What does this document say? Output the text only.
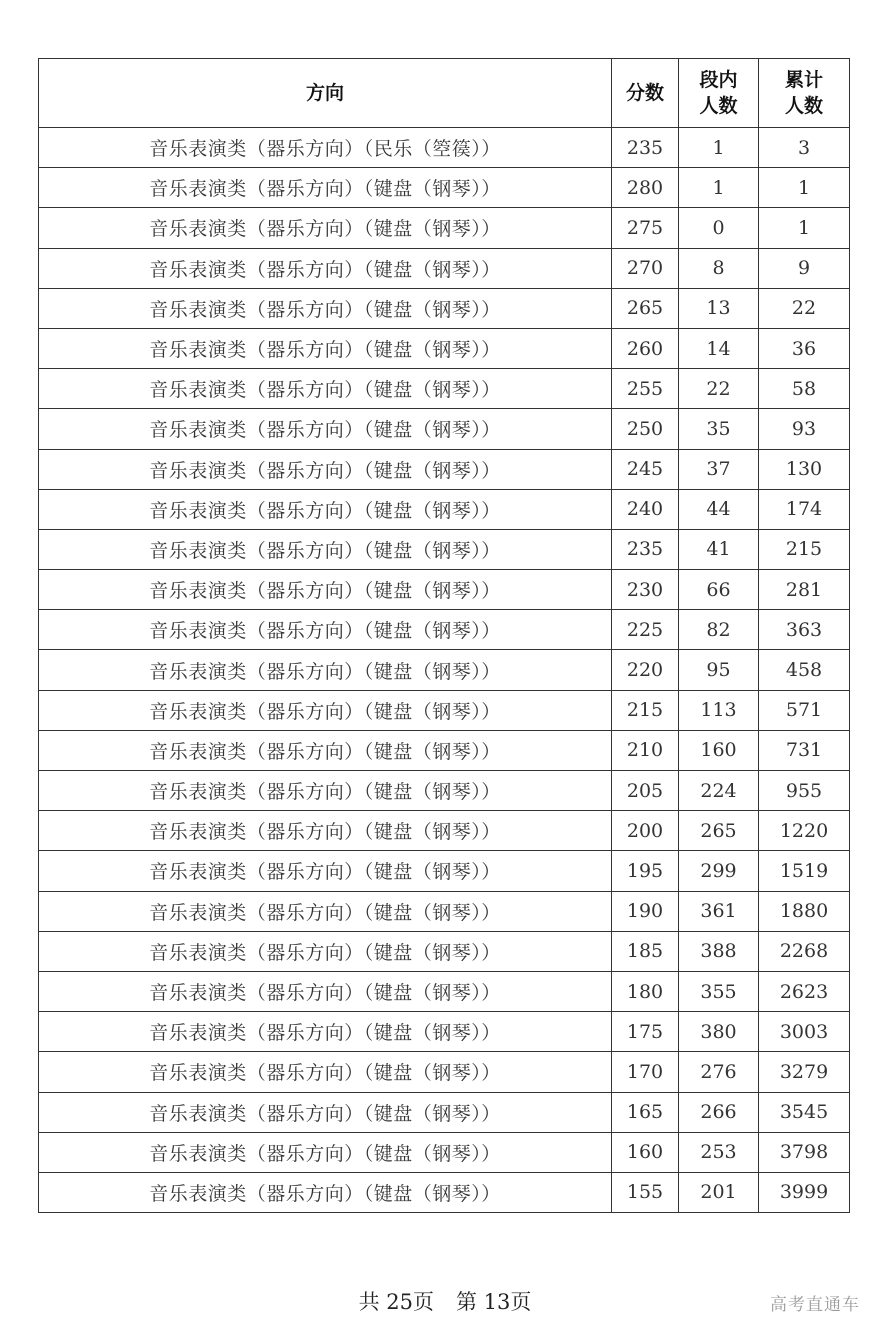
方向	分数	段内人数	累计人数
音乐表演类（器乐方向）（民乐（箜篌））	235	1	3
音乐表演类（器乐方向）（键盘（钢琴））	280	1	1
音乐表演类（器乐方向）（键盘（钢琴））	275	0	1
音乐表演类（器乐方向）（键盘（钢琴））	270	8	9
音乐表演类（器乐方向）（键盘（钢琴））	265	13	22
音乐表演类（器乐方向）（键盘（钢琴））	260	14	36
音乐表演类（器乐方向）（键盘（钢琴））	255	22	58
音乐表演类（器乐方向）（键盘（钢琴））	250	35	93
音乐表演类（器乐方向）（键盘（钢琴））	245	37	130
音乐表演类（器乐方向）（键盘（钢琴））	240	44	174
音乐表演类（器乐方向）（键盘（钢琴））	235	41	215
音乐表演类（器乐方向）（键盘（钢琴））	230	66	281
音乐表演类（器乐方向）（键盘（钢琴））	225	82	363
音乐表演类（器乐方向）（键盘（钢琴））	220	95	458
音乐表演类（器乐方向）（键盘（钢琴））	215	113	571
音乐表演类（器乐方向）（键盘（钢琴））	210	160	731
音乐表演类（器乐方向）（键盘（钢琴））	205	224	955
音乐表演类（器乐方向）（键盘（钢琴））	200	265	1220
音乐表演类（器乐方向）（键盘（钢琴））	195	299	1519
音乐表演类（器乐方向）（键盘（钢琴））	190	361	1880
音乐表演类（器乐方向）（键盘（钢琴））	185	388	2268
音乐表演类（器乐方向）（键盘（钢琴））	180	355	2623
音乐表演类（器乐方向）（键盘（钢琴））	175	380	3003
音乐表演类（器乐方向）（键盘（钢琴））	170	276	3279
音乐表演类（器乐方向）（键盘（钢琴））	165	266	3545
音乐表演类（器乐方向）（键盘（钢琴））	160	253	3798
音乐表演类（器乐方向）（键盘（钢琴））	155	201	3999
共 25页 第 13页	高考直通车
